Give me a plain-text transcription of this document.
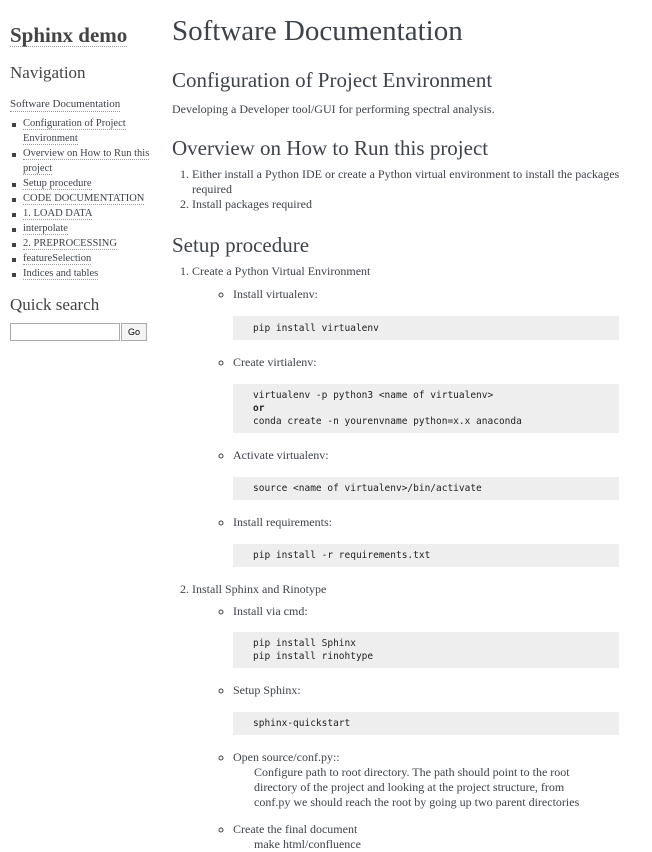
Sphinx demo
Navigation
Software Documentation
Configuration of Project Environment
Overview on How to Run this project
Setup procedure
CODE DOCUMENTATION
1. LOAD DATA
interpolate
2. PREPROCESSING
featureSelection
Indices and tables
Quick search
Go
Software Documentation
Configuration of Project Environment

Developing a Developer tool/GUI for performing spectral analysis.

Overview on How to Run this project
1. Either install a Python IDE or create a Python virtual environment to install the packages required
2. Install packages required
Setup procedure
1. Create a Python Virtual Environment
◦ Install virtualenv:
pip install virtualenv
◦ Create virtialenv:
virtualenv -p python3 <name of virtualenv>
or
conda create -n yourenvname python=x.x anaconda
◦ Activate virtualenv:
source <name of virtualenv>/bin/activate
◦ Install requirements:
pip install -r requirements.txt
2. Install Sphinx and Rinotype
◦ Install via cmd:
pip install Sphinx
pip install rinohtype
◦ Setup Sphinx:
sphinx-quickstart
◦ Open source/conf.py::
Configure path to root directory. The path should point to the root directory of the project and looking at the project structure, from conf.py we should reach the root by going up two parent directories
◦ Create the final document
make html/confluence
